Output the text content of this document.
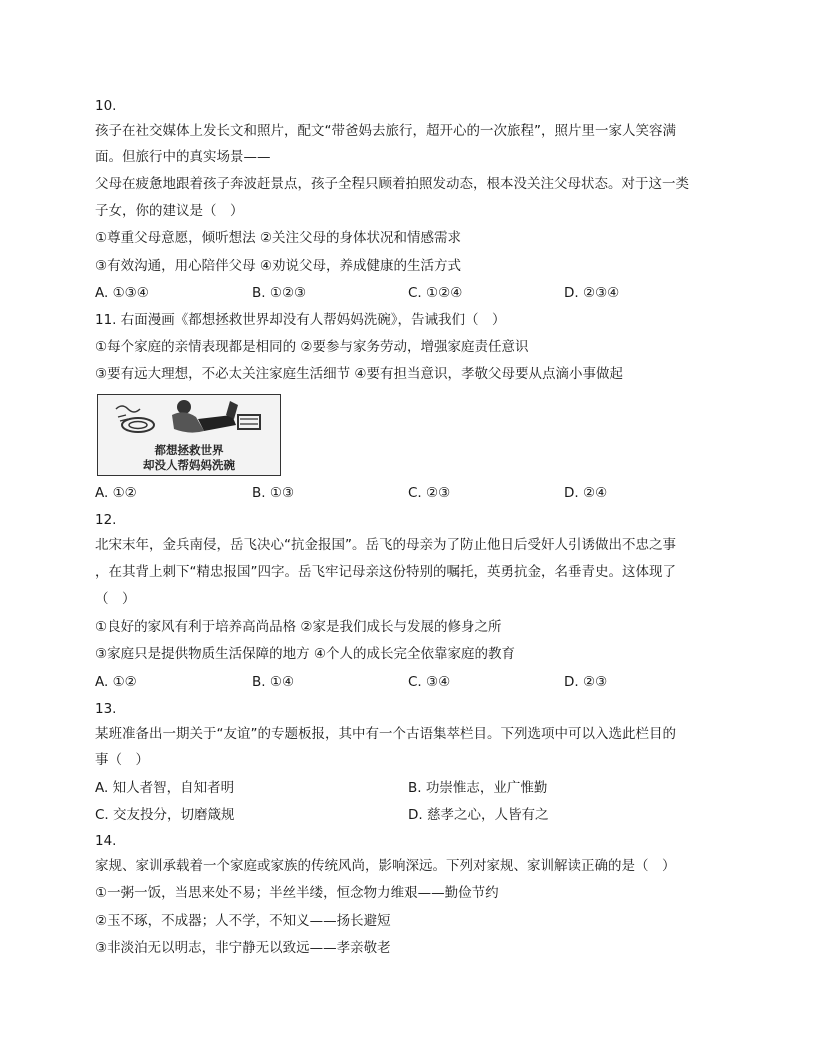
10.
孩子在社交媒体上发长文和照片，配文“带爸妈去旅行，超开心的一次旅程”，照片里一家人笑容满
面。但旅行中的真实场景——
父母在疲惫地跟着孩子奔波赶景点，孩子全程只顾着拍照发动态，根本没关注父母状态。对于这一类
子女，你的建议是（　）
①尊重父母意愿，倾听想法 ②关注父母的身体状况和情感需求
③有效沟通，用心陪伴父母 ④劝说父母，养成健康的生活方式
A. ①③④	B. ①②③	C. ①②④	D. ②③④
11. 右面漫画《都想拯救世界却没有人帮妈妈洗碗》，告诫我们（　）
①每个家庭的亲情表现都是相同的 ②要参与家务劳动，增强家庭责任意识
③要有远大理想，不必太关注家庭生活细节 ④要有担当意识，孝敬父母要从点滴小事做起
都想拯救世界
却没人帮妈妈洗碗
A. ①②	B. ①③	C. ②③	D. ②④
12.
北宋末年，金兵南侵，岳飞决心“抗金报国”。岳飞的母亲为了防止他日后受奸人引诱做出不忠之事
，在其背上刺下“精忠报国”四字。岳飞牢记母亲这份特别的嘱托，英勇抗金，名垂青史。这体现了
（　）
①良好的家风有利于培养高尚品格 ②家是我们成长与发展的修身之所
③家庭只是提供物质生活保障的地方 ④个人的成长完全依靠家庭的教育
A. ①②	B. ①④	C. ③④	D. ②③
13.
某班准备出一期关于“友谊”的专题板报，其中有一个古语集萃栏目。下列选项中可以入选此栏目的
事（　）
A. 知人者智，自知者明	B. 功崇惟志，业广惟勤
C. 交友投分，切磨箴规	D. 慈孝之心，人皆有之
14.
家规、家训承载着一个家庭或家族的传统风尚，影响深远。下列对家规、家训解读正确的是（　）
①一粥一饭，当思来处不易；半丝半缕，恒念物力维艰——勤俭节约
②玉不琢，不成器；人不学，不知义——扬长避短
③非淡泊无以明志，非宁静无以致远——孝亲敬老
